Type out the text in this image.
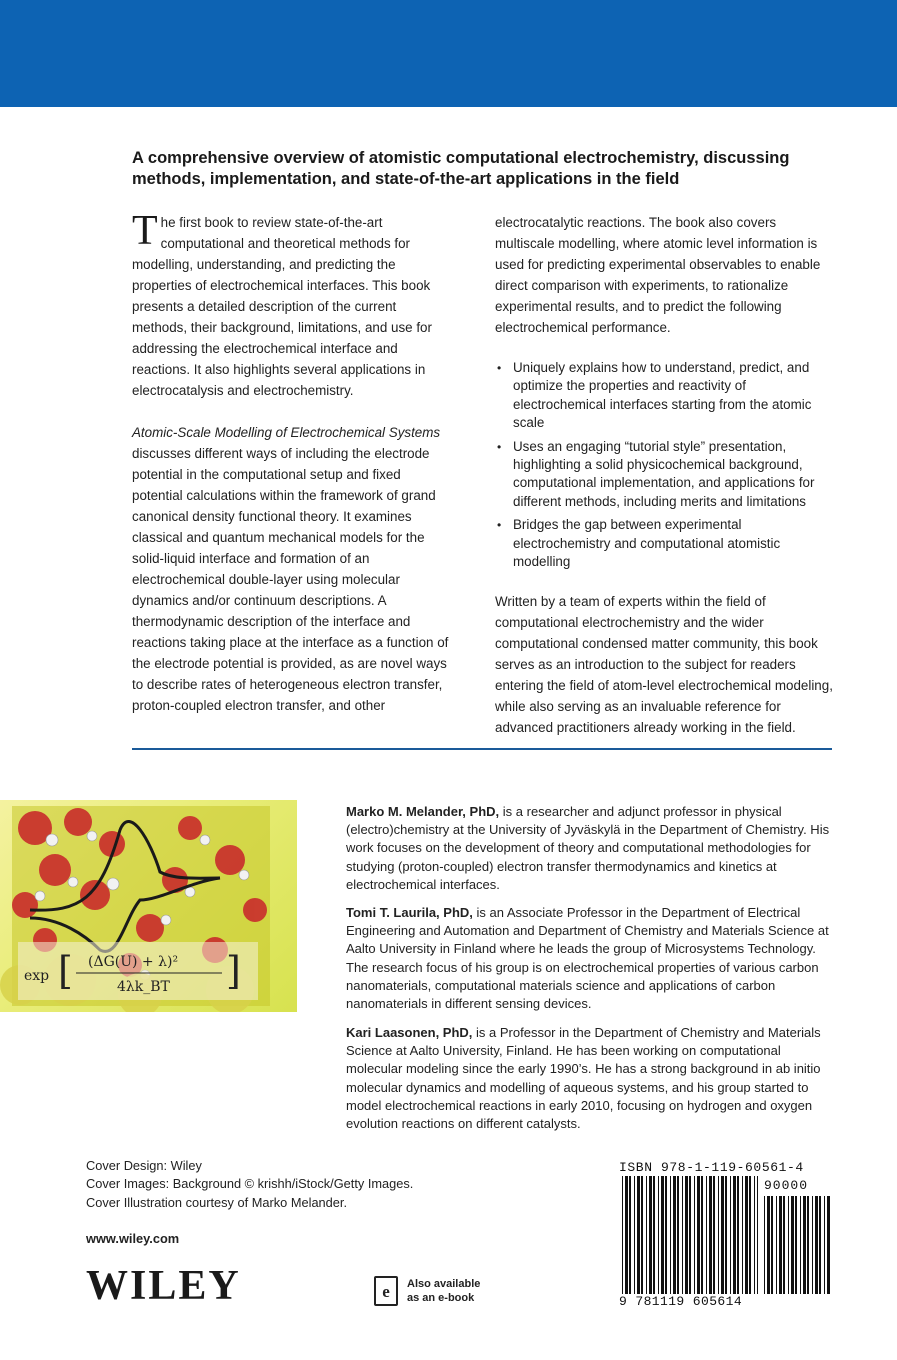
A comprehensive overview of atomistic computational electrochemistry, discussing methods, implementation, and state-of-the-art applications in the field

The first book to review state-of-the-art computational and theoretical methods for modelling, understanding, and predicting the properties of electrochemical interfaces. This book presents a detailed description of the current methods, their background, limitations, and use for addressing the electrochemical interface and reactions. It also highlights several applications in electrocatalysis and electrochemistry.

Atomic-Scale Modelling of Electrochemical Systems discusses different ways of including the electrode potential in the computational setup and fixed potential calculations within the framework of grand canonical density functional theory. It examines classical and quantum mechanical models for the solid-liquid interface and formation of an electrochemical double-layer using molecular dynamics and/or continuum descriptions. A thermodynamic description of the interface and reactions taking place at the interface as a function of the electrode potential is provided, as are novel ways to describe rates of heterogeneous electron transfer, proton-coupled electron transfer, and other

electrocatalytic reactions. The book also covers multiscale modelling, where atomic level information is used for predicting experimental observables to enable direct comparison with experiments, to rationalize experimental results, and to predict the following electrochemical performance.

• Uniquely explains how to understand, predict, and optimize the properties and reactivity of electrochemical interfaces starting from the atomic scale
• Uses an engaging “tutorial style” presentation, highlighting a solid physicochemical background, computational implementation, and applications for different methods, including merits and limitations
• Bridges the gap between experimental electrochemistry and computational atomistic modelling

Written by a team of experts within the field of computational electrochemistry and the wider computational condensed matter community, this book serves as an introduction to the subject for readers entering the field of atom-level electrochemical modeling, while also serving as an invaluable reference for advanced practitioners already working in the field.

exp [ (ΔG(U) + λ)²
4λk_BT ]

Marko M. Melander, PhD, is a researcher and adjunct professor in physical (electro)chemistry at the University of Jyväskylä in the Department of Chemistry. His work focuses on the development of theory and computational methodologies for studying (proton-coupled) electron transfer thermodynamics and kinetics at electrochemical interfaces.

Tomi T. Laurila, PhD, is an Associate Professor in the Department of Electrical Engineering and Automation and Department of Chemistry and Materials Science at Aalto University in Finland where he leads the group of Microsystems Technology. The research focus of his group is on electrochemical properties of various carbon nanomaterials, computational materials science and applications of carbon nanomaterials in different sensing devices.

Kari Laasonen, PhD, is a Professor in the Department of Chemistry and Materials Science at Aalto University, Finland. He has been working on computational molecular modeling since the early 1990’s. He has a strong background in ab initio molecular dynamics and modelling of aqueous systems, and his group started to model electrochemical reactions in early 2010, focusing on hydrogen and oxygen evolution reactions on different catalysts.

Cover Design: Wiley
Cover Images: Background © krishh/iStock/Getty Images. Cover Illustration courtesy of Marko Melander.
www.wiley.com
WILEY	e	Also available
as an e-book
ISBN 978-1-119-60561-4
90000
9 781119 605614
